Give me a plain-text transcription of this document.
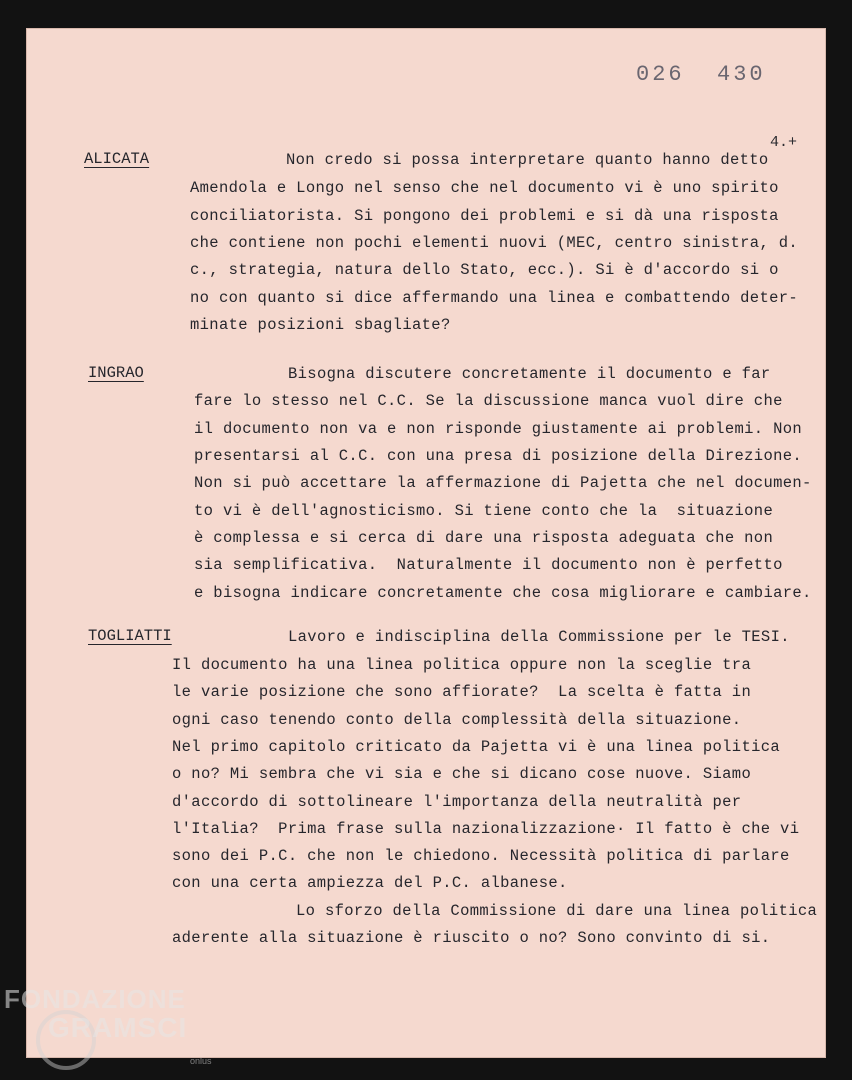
026  430
4.+
ALICATA	Non credo si possa interpretare quanto hanno detto
Amendola e Longo nel senso che nel documento vi è uno spirito
conciliatorista. Si pongono dei problemi e si dà una risposta
che contiene non pochi elementi nuovi (MEC, centro sinistra, d.
c., strategia, natura dello Stato, ecc.). Si è d'accordo si o
no con quanto si dice affermando una linea e combattendo deter-
minate posizioni sbagliate?
INGRAO	Bisogna discutere concretamente il documento e far
fare lo stesso nel C.C. Se la discussione manca vuol dire che
il documento non va e non risponde giustamente ai problemi. Non
presentarsi al C.C. con una presa di posizione della Direzione.
Non si può accettare la affermazione di Pajetta che nel documen-
to vi è dell'agnosticismo. Si tiene conto che la  situazione
è complessa e si cerca di dare una risposta adeguata che non
sia semplificativa.  Naturalmente il documento non è perfetto
e bisogna indicare concretamente che cosa migliorare e cambiare.
TOGLIATTI	Lavoro e indisciplina della Commissione per le TESI.
Il documento ha una linea politica oppure non la sceglie tra
le varie posizione che sono affiorate?  La scelta è fatta in
ogni caso tenendo conto della complessità della situazione.
Nel primo capitolo criticato da Pajetta vi è una linea politica
o no? Mi sembra che vi sia e che si dicano cose nuove. Siamo
d'accordo di sottolineare l'importanza della neutralità per
l'Italia?  Prima frase sulla nazionalizzazione· Il fatto è che vi
sono dei P.C. che non le chiedono. Necessità politica di parlare
con una certa ampiezza del P.C. albanese.
Lo sforzo della Commissione di dare una linea politica
aderente alla situazione è riuscito o no? Sono convinto di si.
FONDAZIONE
GRAMSCI
onlus
